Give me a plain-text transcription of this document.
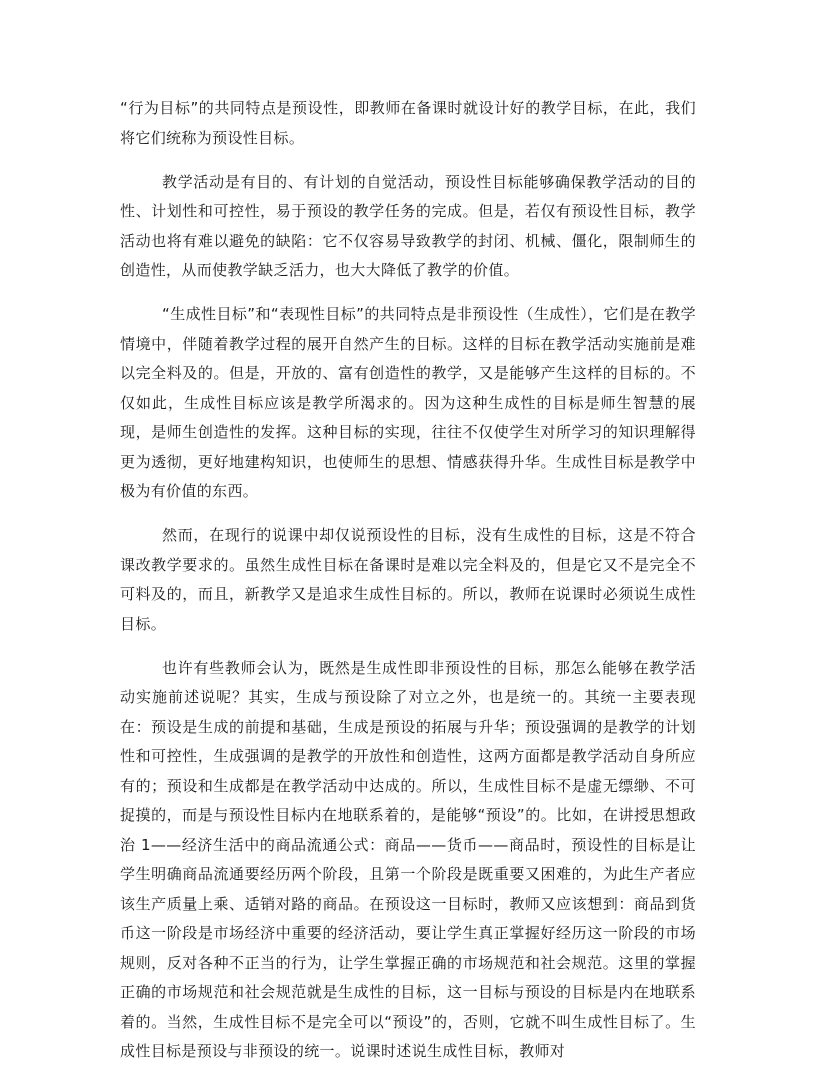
“行为目标”的共同特点是预设性，即教师在备课时就设计好的教学目标，在此，我们将它们统称为预设性目标。

教学活动是有目的、有计划的自觉活动，预设性目标能够确保教学活动的目的性、计划性和可控性，易于预设的教学任务的完成。但是，若仅有预设性目标，教学活动也将有难以避免的缺陷：它不仅容易导致教学的封闭、机械、僵化，限制师生的创造性，从而使教学缺乏活力，也大大降低了教学的价值。

“生成性目标”和“表现性目标”的共同特点是非预设性（生成性），它们是在教学情境中，伴随着教学过程的展开自然产生的目标。这样的目标在教学活动实施前是难以完全料及的。但是，开放的、富有创造性的教学，又是能够产生这样的目标的。不仅如此，生成性目标应该是教学所渴求的。因为这种生成性的目标是师生智慧的展现，是师生创造性的发挥。这种目标的实现，往往不仅使学生对所学习的知识理解得更为透彻，更好地建构知识，也使师生的思想、情感获得升华。生成性目标是教学中极为有价值的东西。

然而，在现行的说课中却仅说预设性的目标，没有生成性的目标，这是不符合课改教学要求的。虽然生成性目标在备课时是难以完全料及的，但是它又不是完全不可料及的，而且，新教学又是追求生成性目标的。所以，教师在说课时必须说生成性目标。

也许有些教师会认为，既然是生成性即非预设性的目标，那怎么能够在教学活动实施前述说呢？其实，生成与预设除了对立之外，也是统一的。其统一主要表现在：预设是生成的前提和基础，生成是预设的拓展与升华；预设强调的是教学的计划性和可控性，生成强调的是教学的开放性和创造性，这两方面都是教学活动自身所应有的；预设和生成都是在教学活动中达成的。所以，生成性目标不是虚无缥缈、不可捉摸的，而是与预设性目标内在地联系着的，是能够“预设”的。比如，在讲授思想政治 1——经济生活中的商品流通公式：商品——货币——商品时，预设性的目标是让学生明确商品流通要经历两个阶段，且第一个阶段是既重要又困难的，为此生产者应该生产质量上乘、适销对路的商品。在预设这一目标时，教师又应该想到：商品到货币这一阶段是市场经济中重要的经济活动，要让学生真正掌握好经历这一阶段的市场规则，反对各种不正当的行为，让学生掌握正确的市场规范和社会规范。这里的掌握正确的市场规范和社会规范就是生成性的目标，这一目标与预设的目标是内在地联系着的。当然，生成性目标不是完全可以“预设”的，否则，它就不叫生成性目标了。生成性目标是预设与非预设的统一。说课时述说生成性目标，教师对
